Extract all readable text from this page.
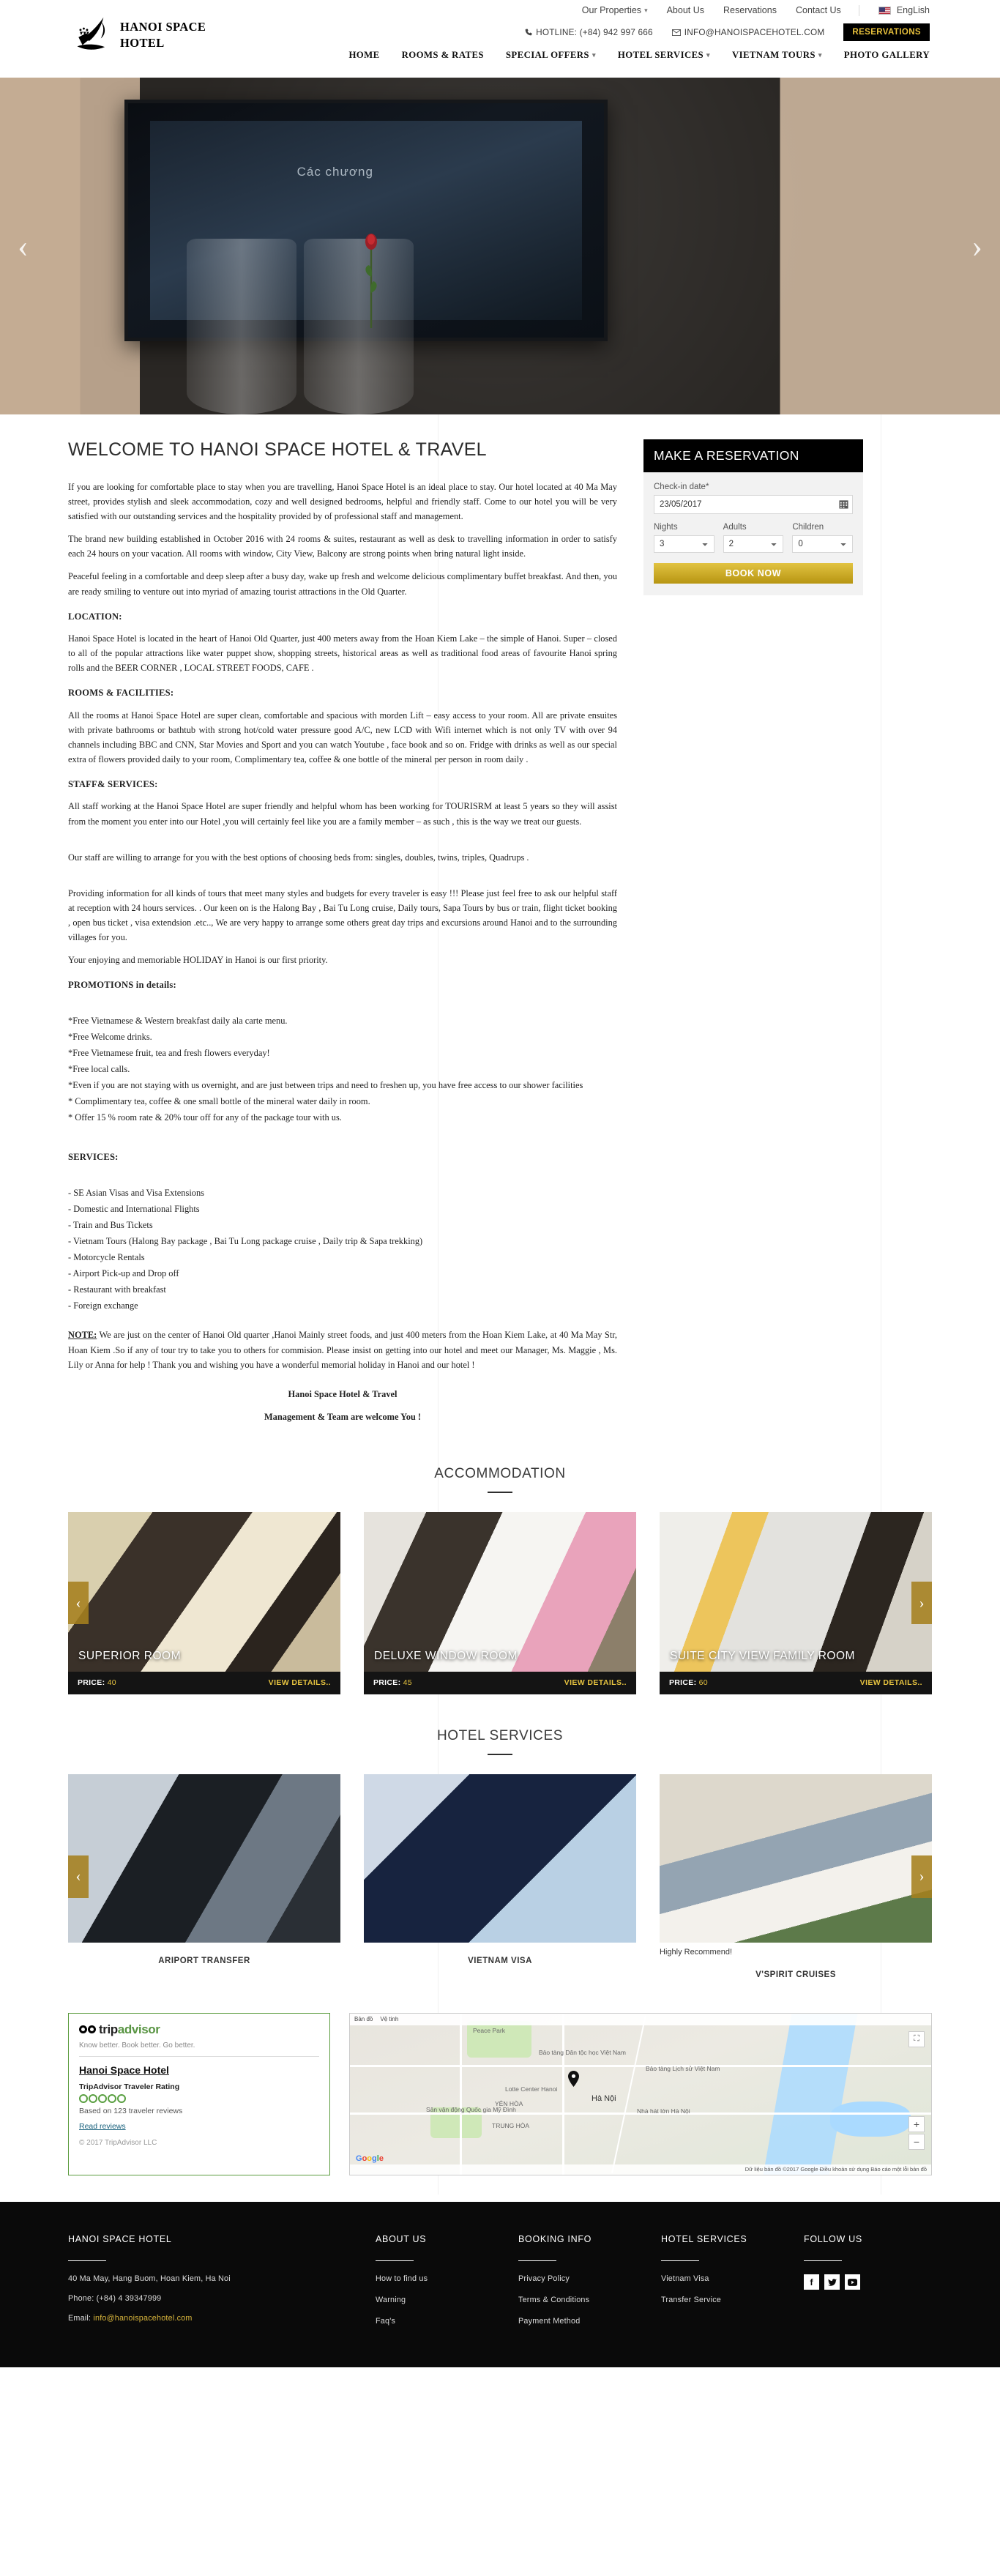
Our Properties ▾ About Us Reservations Contact Us	EngLish
HANOI SPACE
HOTEL
HOTLINE: (+84) 942 997 666	INFO@HANOISPACEHOTEL.COM	RESERVATIONS
HOME ROOMS & RATES SPECIAL OFFERS ▾ HOTEL SERVICES ▾ VIETNAM TOURS ▾ PHOTO GALLERY
Các chương
‹	›
WELCOME TO HANOI SPACE HOTEL & TRAVEL

If you are looking for comfortable place to stay when you are travelling, Hanoi Space Hotel is an ideal place to stay. Our hotel located at 40 Ma May street, provides stylish and sleek accommodation, cozy and well designed bedrooms, helpful and friendly staff. Come to our hotel you will be very satisfied with our outstanding services and the hospitality provided by of professional staff and management.

The brand new building established in October 2016 with 24 rooms & suites, restaurant as well as desk to travelling information in order to satisfy each 24 hours on your vacation. All rooms with window, City View, Balcony are strong points when bring natural light inside.

Peaceful feeling in a comfortable and deep sleep after a busy day, wake up fresh and welcome delicious complimentary buffet breakfast. And then, you are ready smiling to venture out into myriad of amazing tourist attractions in the Old Quarter.

LOCATION:

Hanoi Space Hotel is located in the heart of Hanoi Old Quarter, just 400 meters away from the Hoan Kiem Lake – the simple of Hanoi. Super – closed to all of the popular attractions like water puppet show, shopping streets, historical areas as well as traditional food areas of favourite Hanoi spring rolls and the BEER CORNER , LOCAL STREET FOODS, CAFE .

ROOMS & FACILITIES:

All the rooms at Hanoi Space Hotel are super clean, comfortable and spacious with morden Lift – easy access to your room. All are private ensuites with private bathrooms or bathtub with strong hot/cold water pressure good A/C, new LCD with Wifi internet which is not only TV with over 94 channels including BBC and CNN, Star Movies and Sport and you can watch Youtube , face book and so on. Fridge with drinks as well as our special extra of flowers provided daily to your room, Complimentary tea, coffee & one bottle of the mineral per person in room daily .

STAFF& SERVICES:

All staff working at the Hanoi Space Hotel are super friendly and helpful whom has been working for TOURISRM at least 5 years so they will assist from the moment you enter into our Hotel ,you will certainly feel like you are a family member – as such , this is the way we treat our guests.

Our staff are willing to arrange for you with the best options of choosing beds from: singles, doubles, twins, triples, Quadrups .

Providing information for all kinds of tours that meet many styles and budgets for every traveler is easy !!! Please just feel free to ask our helpful staff at reception with 24 hours services. . Our keen on is the Halong Bay , Bai Tu Long cruise, Daily tours, Sapa Tours by bus or train, flight ticket booking , open bus ticket , visa extendsion .etc.., We are very happy to arrange some others great day trips and excursions around Hanoi and to the surrounding villages for you.

Your enjoying and memoriable HOLIDAY in Hanoi is our first priority.

PROMOTIONS in details:

*Free Vietnamese & Western breakfast daily ala carte menu.

*Free Welcome drinks.

*Free Vietnamese fruit, tea and fresh flowers everyday!

*Free local calls.

*Even if you are not staying with us overnight, and are just between trips and need to freshen up, you have free access to our shower facilities

* Complimentary tea, coffee & one small bottle of the mineral water daily in room.

* Offer 15 % room rate & 20% tour off for any of the package tour with us.

SERVICES:

- SE Asian Visas and Visa Extensions

- Domestic and International Flights

- Train and Bus Tickets

- Vietnam Tours (Halong Bay package , Bai Tu Long package cruise , Daily trip & Sapa trekking)

- Motorcycle Rentals

- Airport Pick-up and Drop off

- Restaurant with breakfast

- Foreign exchange

NOTE: We are just on the center of Hanoi Old quarter ,Hanoi Mainly street foods, and just 400 meters from the Hoan Kiem Lake, at 40 Ma May Str, Hoan Kiem .So if any of tour try to take you to others for commision. Please insist on getting into our hotel and meet our Manager, Ms. Maggie , Ms. Lily or Anna for help ! Thank you and wishing you have a wonderful memorial holiday in Hanoi and our hotel !

Hanoi Space Hotel & Travel

Management & Team are welcome You !

MAKE A RESERVATION
Check-in date*
23/05/2017
Nights
3	Adults
2	Children
0
BOOK NOW
ACCOMMODATION
‹
SUPERIOR ROOM
PRICE: 40	VIEW DETAILS..
DELUXE WINDOW ROOM
PRICE: 45	VIEW DETAILS..
SUITE CITY VIEW FAMILY ROOM
PRICE: 60	VIEW DETAILS..
›
HOTEL SERVICES
‹
ARIPORT TRANSFER	VIETNAM VISA
Highly Recommend!
V'SPIRIT CRUISES
›
tripadvisor
Know better. Book better. Go better.
Hanoi Space Hotel
TripAdvisor Traveler Rating
Based on 123 traveler reviews
Read reviews
© 2017 TripAdvisor LLC
Bản đồ Vệ tinh
Peace Park
Bảo tàng Dân tộc học Việt Nam
Lotte Center Hanoi
Sân vận động Quốc gia Mỹ Đình
YÊN HÒA
TRUNG HÒA
Hà Nội
Nhà hát lớn Hà Nội
Bảo tàng Lịch sử Việt Nam
⛶
+
−
Google
Dữ liệu bản đồ ©2017 Google Điều khoản sử dụng Báo cáo một lỗi bản đồ
HANOI SPACE HOTEL
40 Ma May, Hang Buom, Hoan Kiem, Ha Noi
Phone: (+84) 4 39347999
Email: info@hanoispacehotel.com
ABOUT US
How to find us
Warning
Faq's
BOOKING INFO
Privacy Policy
Terms & Conditions
Payment Method
HOTEL SERVICES
Vietnam Visa
Transfer Service
FOLLOW US
f
